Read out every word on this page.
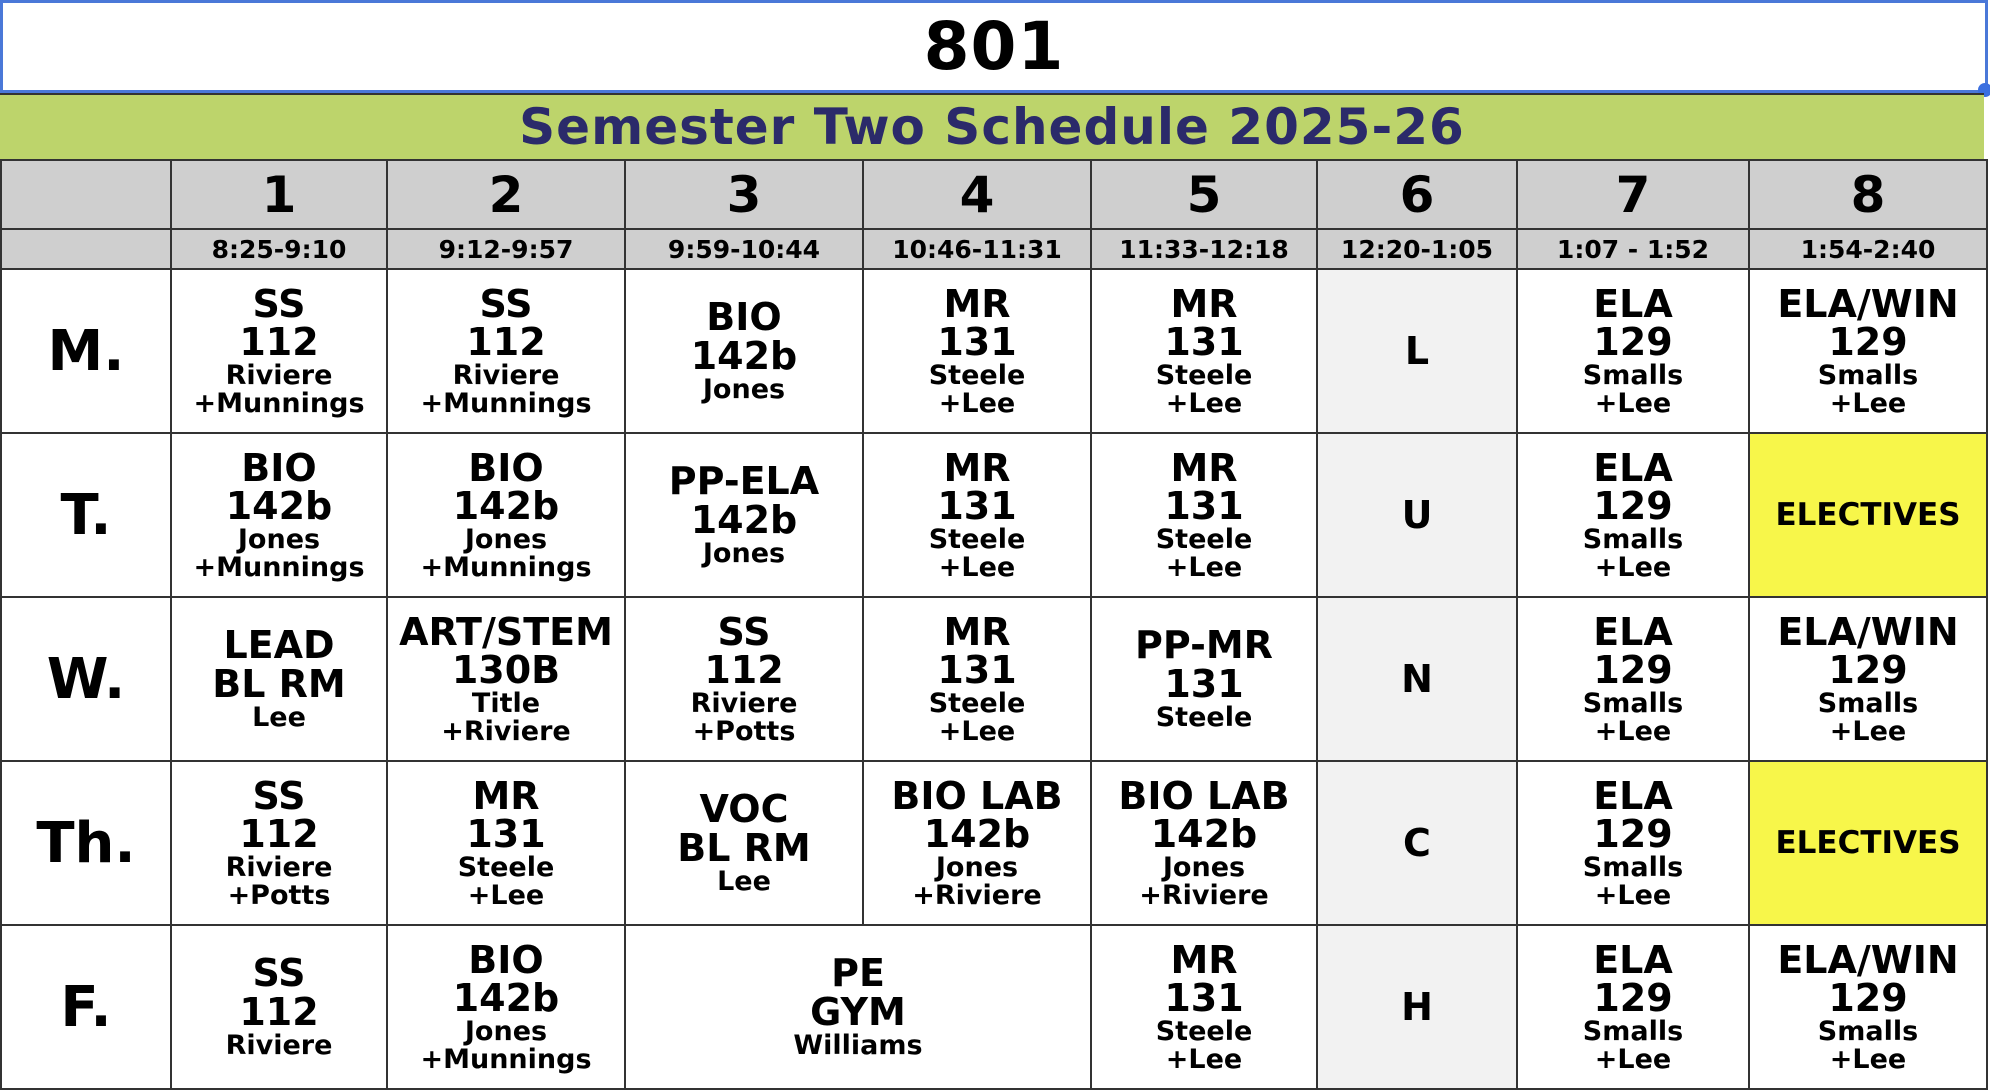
801
Semester Two Schedule 2025-26
	1	2	3	4	5	6	7	8
	8:25-9:10	9:12-9:57	9:59-10:44	10:46-11:31	11:33-12:18	12:20-1:05	1:07 - 1:52	1:54-2:40
M.	SS
112
Riviere
+Munnings	SS
112
Riviere
+Munnings	BIO
142b
Jones	MR
131
Steele
+Lee	MR
131
Steele
+Lee	L	ELA
129
Smalls
+Lee	ELA/WIN
129
Smalls
+Lee

T.	BIO
142b
Jones
+Munnings	BIO
142b
Jones
+Munnings	PP-ELA
142b
Jones	MR
131
Steele
+Lee	MR
131
Steele
+Lee	U	ELA
129
Smalls
+Lee	ELECTIVES
W.	LEAD
BL RM
Lee	ART/STEM
130B
Title
+Riviere	SS
112
Riviere
+Potts	MR
131
Steele
+Lee	PP-MR
131
Steele	N	ELA
129
Smalls
+Lee	ELA/WIN
129
Smalls
+Lee

Th.	SS
112
Riviere
+Potts	MR
131
Steele
+Lee	VOC
BL RM
Lee	BIO LAB
142b
Jones
+Riviere	BIO LAB
142b
Jones
+Riviere	C	ELA
129
Smalls
+Lee	ELECTIVES
F.	SS
112
Riviere	BIO
142b
Jones
+Munnings	PE
GYM
Williams		MR
131
Steele
+Lee	H	ELA
129
Smalls
+Lee	ELA/WIN
129
Smalls
+Lee
